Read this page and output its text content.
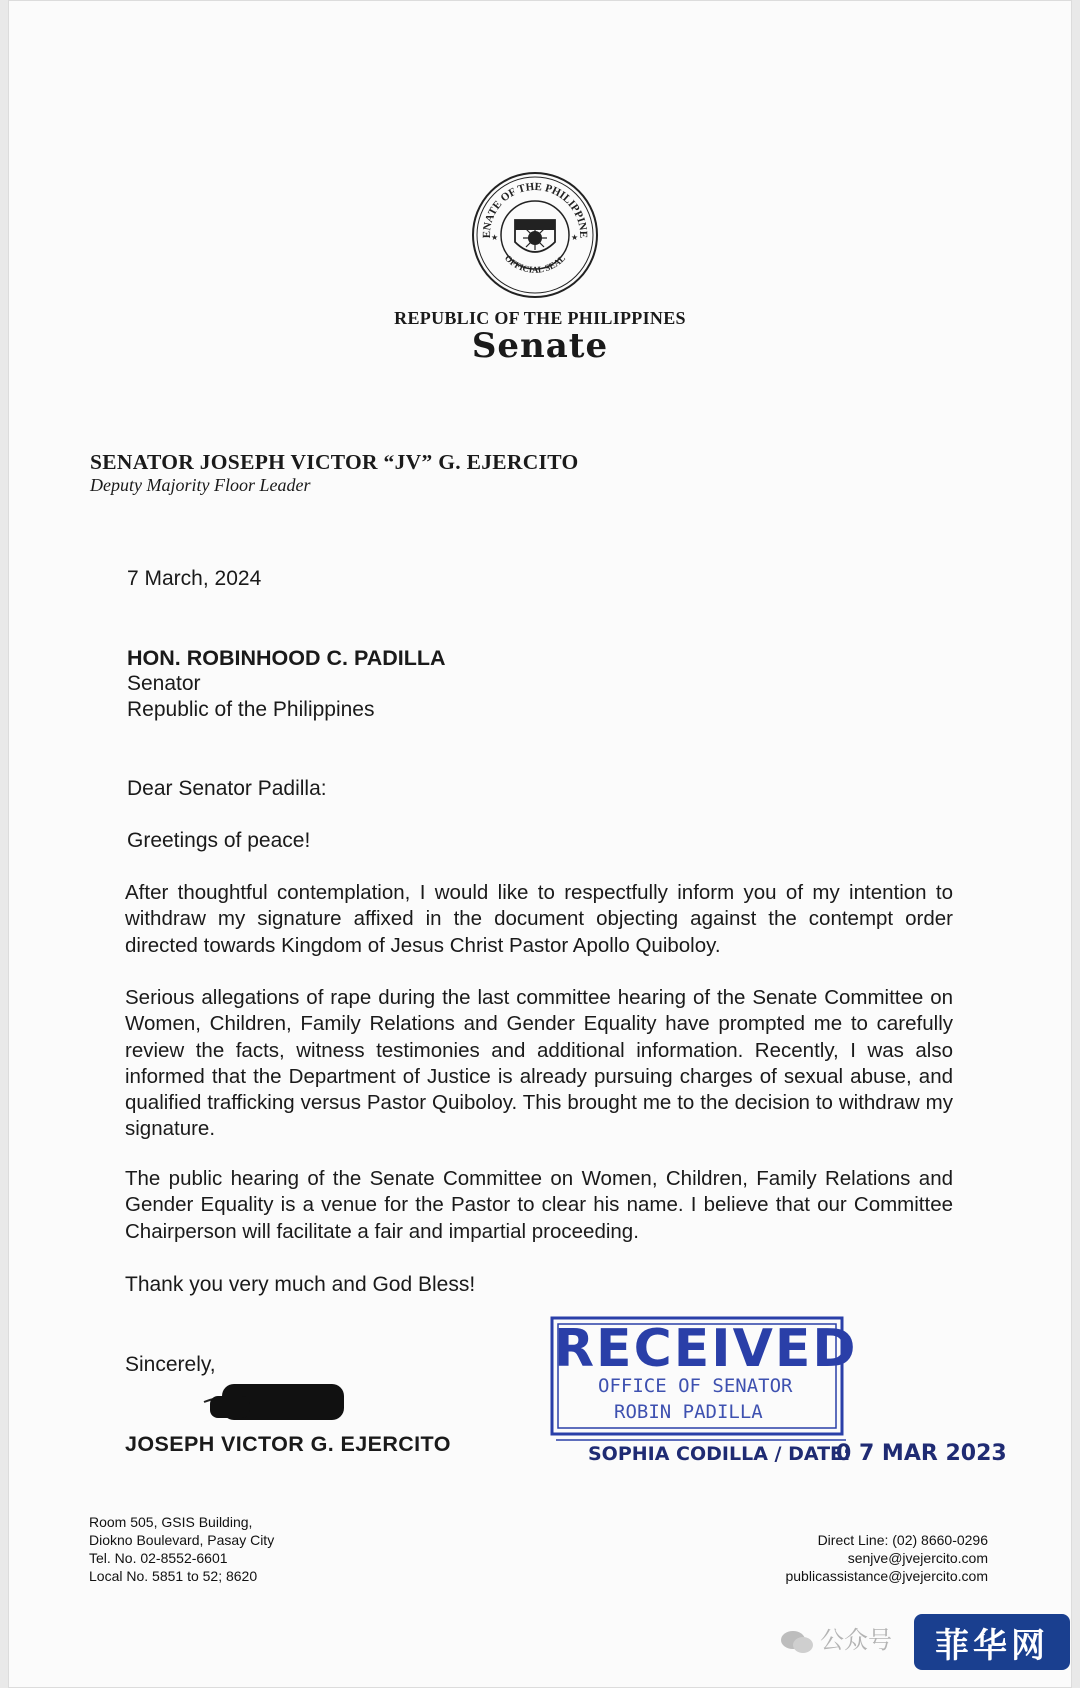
ENATE OF THE PHILIPPINE
OFFICIAL SEAL
★	★
REPUBLIC OF THE PHILIPPINES
Senate
SENATOR JOSEPH VICTOR “JV” G. EJERCITO
Deputy Majority Floor Leader
7 March, 2024
HON. ROBINHOOD C. PADILLA
Senator
Republic of the Philippines
Dear Senator Padilla:
Greetings of peace!
After thoughtful contemplation, I would like to respectfully inform you of my intention to withdraw my signature affixed in the document objecting against the contempt order directed towards Kingdom of Jesus Christ Pastor Apollo Quiboloy.
Serious allegations of rape during the last committee hearing of the Senate Committee on Women, Children, Family Relations and Gender Equality have prompted me to carefully review the facts, witness testimonies and additional information. Recently, I was also informed that the Department of Justice is already pursuing charges of sexual abuse, and qualified trafficking versus Pastor Quiboloy. This brought me to the decision to withdraw my signature.
The public hearing of the Senate Committee on Women, Children, Family Relations and Gender Equality is a venue for the Pastor to clear his name. I believe that our Committee Chairperson will facilitate a fair and impartial proceeding.
Thank you very much and God Bless!
Sincerely,
JOSEPH VICTOR G. EJERCITO
RECEIVED
OFFICE OF SENATOR
ROBIN PADILLA
SOPHIA CODILLA / DATE:
0 7 MAR 2023
Room 505, GSIS Building,
Diokno Boulevard, Pasay City
Tel. No. 02-8552-6601
Local No. 5851 to 52; 8620
Direct Line: (02) 8660-0296
senjve@jvejercito.com
publicassistance@jvejercito.com
公众号	菲华网
